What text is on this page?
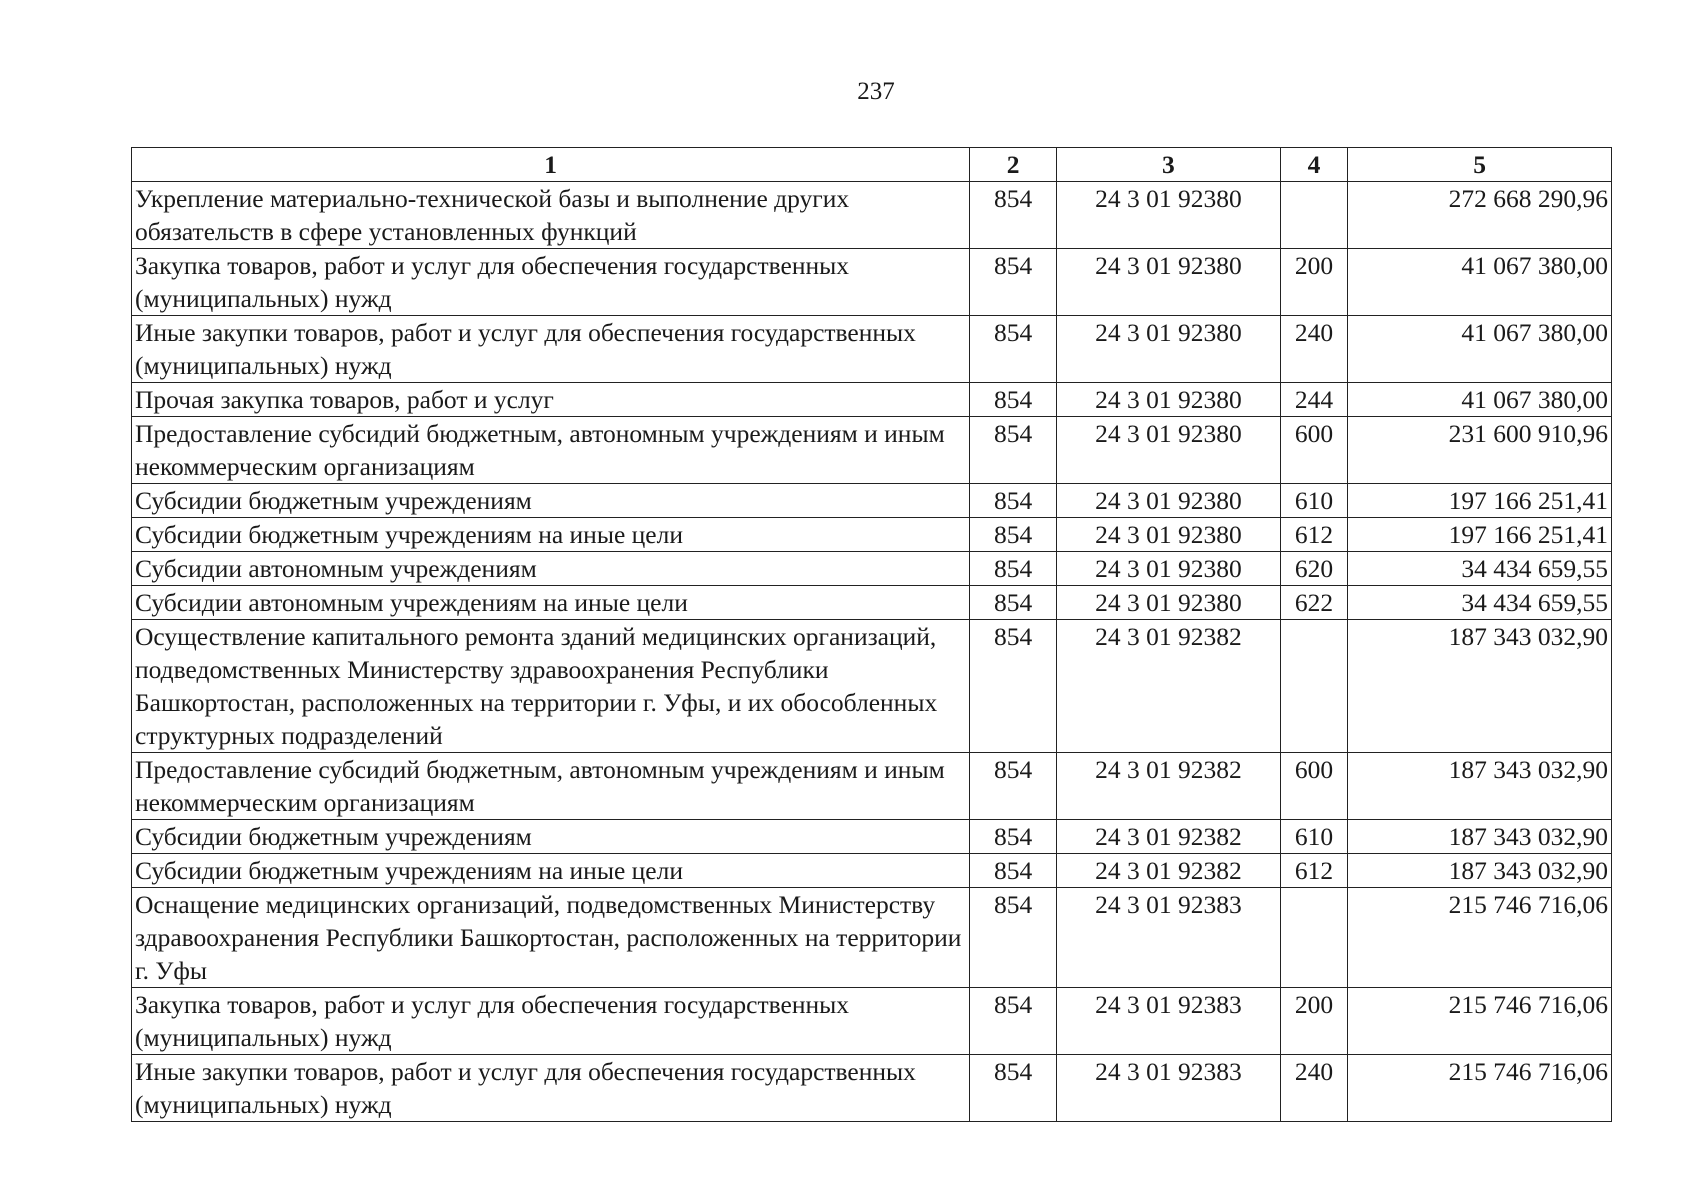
237
1	2	3	4	5
Укрепление материально-технической базы и выполнение других обязательств в сфере установленных функций	854	24 3 01 92380		272 668 290,96
Закупка товаров, работ и услуг для обеспечения государственных (муниципальных) нужд	854	24 3 01 92380	200	41 067 380,00
Иные закупки товаров, работ и услуг для обеспечения государственных (муниципальных) нужд	854	24 3 01 92380	240	41 067 380,00
Прочая закупка товаров, работ и услуг	854	24 3 01 92380	244	41 067 380,00
Предоставление субсидий бюджетным, автономным учреждениям и иным некоммерческим организациям	854	24 3 01 92380	600	231 600 910,96
Субсидии бюджетным учреждениям	854	24 3 01 92380	610	197 166 251,41
Субсидии бюджетным учреждениям на иные цели	854	24 3 01 92380	612	197 166 251,41
Субсидии автономным учреждениям	854	24 3 01 92380	620	34 434 659,55
Субсидии автономным учреждениям на иные цели	854	24 3 01 92380	622	34 434 659,55
Осуществление капитального ремонта зданий медицинских организаций, подведомственных Министерству здравоохранения Республики Башкортостан, расположенных на территории г. Уфы, и их обособленных структурных подразделений	854	24 3 01 92382		187 343 032,90
Предоставление субсидий бюджетным, автономным учреждениям и иным некоммерческим организациям	854	24 3 01 92382	600	187 343 032,90
Субсидии бюджетным учреждениям	854	24 3 01 92382	610	187 343 032,90
Субсидии бюджетным учреждениям на иные цели	854	24 3 01 92382	612	187 343 032,90
Оснащение медицинских организаций, подведомственных Министерству здравоохранения Республики Башкортостан, расположенных на территории г. Уфы	854	24 3 01 92383		215 746 716,06
Закупка товаров, работ и услуг для обеспечения государственных (муниципальных) нужд	854	24 3 01 92383	200	215 746 716,06
Иные закупки товаров, работ и услуг для обеспечения государственных (муниципальных) нужд	854	24 3 01 92383	240	215 746 716,06
